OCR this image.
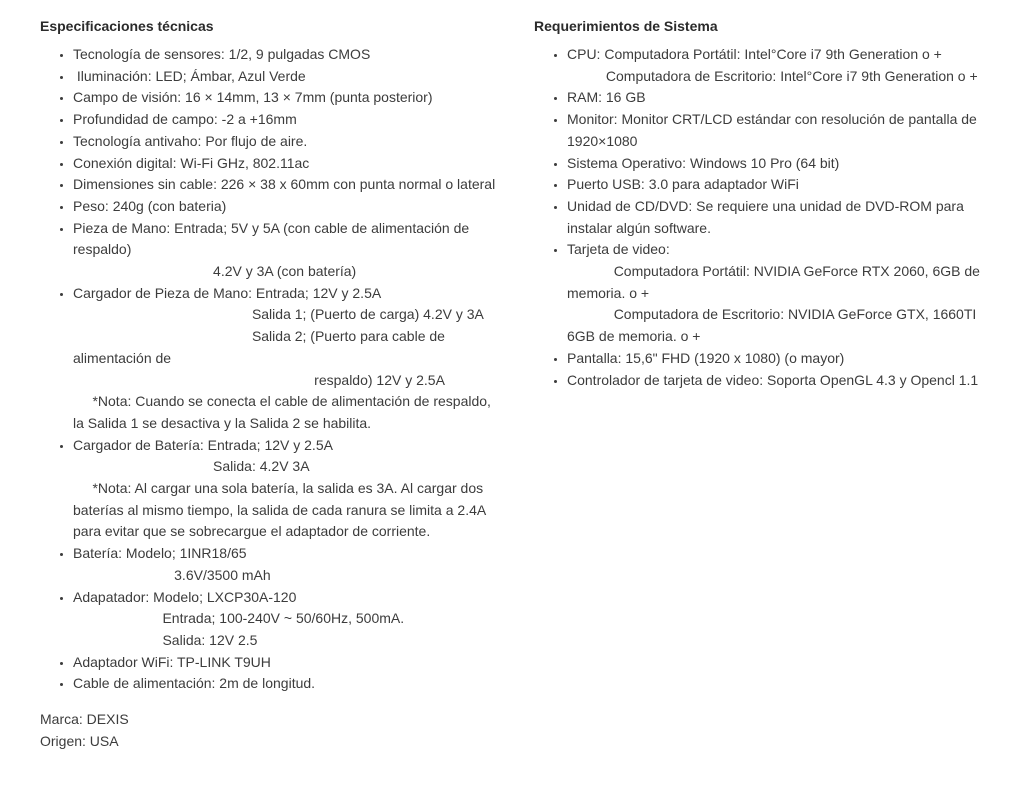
Especificaciones técnicas
• Tecnología de sensores: 1/2, 9 pulgadas CMOS
•  Iluminación: LED; Ámbar, Azul Verde
• Campo de visión: 16 × 14mm, 13 × 7mm (punta posterior)
• Profundidad de campo: -2 a +16mm
• Tecnología antivaho: Por flujo de aire.
• Conexión digital: Wi-Fi GHz, 802.11ac
• Dimensiones sin cable: 226 × 38 x 60mm con punta normal o lateral
• Peso: 240g (con bateria)
• Pieza de Mano: Entrada; 5V y 5A (con cable de alimentación de respaldo)
4.2V y 3A (con batería)
• Cargador de Pieza de Mano: Entrada; 12V y 2.5A
Salida 1; (Puerto de carga) 4.2V y 3A
Salida 2; (Puerto para cable de alimentación de
respaldo) 12V y 2.5A
*Nota: Cuando se conecta el cable de alimentación de respaldo, la Salida 1 se desactiva y la Salida 2 se habilita.
• Cargador de Batería: Entrada; 12V y 2.5A
Salida: 4.2V 3A
*Nota: Al cargar una sola batería, la salida es 3A. Al cargar dos baterías al mismo tiempo, la salida de cada ranura se limita a 2.4A para evitar que se sobrecargue el adaptador de corriente.
• Batería: Modelo; 1INR18/65
3.6V/3500 mAh
• Adapatador: Modelo; LXCP30A-120
Entrada; 100-240V ~ 50/60Hz, 500mA.
Salida: 12V 2.5
• Adaptador WiFi: TP-LINK T9UH
• Cable de alimentación: 2m de longitud.

Marca: DEXIS

Origen: USA

Requerimientos de Sistema
• CPU: Computadora Portátil: Intel°Core i7 9th Generation o +
Computadora de Escritorio: Intel°Core i7 9th Generation o +
• RAM: 16 GB
• Monitor: Monitor CRT/LCD estándar con resolución de pantalla de 1920×1080
• Sistema Operativo: Windows 10 Pro (64 bit)
• Puerto USB: 3.0 para adaptador WiFi
• Unidad de CD/DVD: Se requiere una unidad de DVD-ROM para instalar algún software.
• Tarjeta de video:
Computadora Portátil: NVIDIA GeForce RTX 2060, 6GB de memoria. o +
Computadora de Escritorio: NVIDIA GeForce GTX, 1660TI 6GB de memoria. o +
• Pantalla: 15,6" FHD (1920 x 1080) (o mayor)
• Controlador de tarjeta de video: Soporta OpenGL 4.3 y Opencl 1.1
